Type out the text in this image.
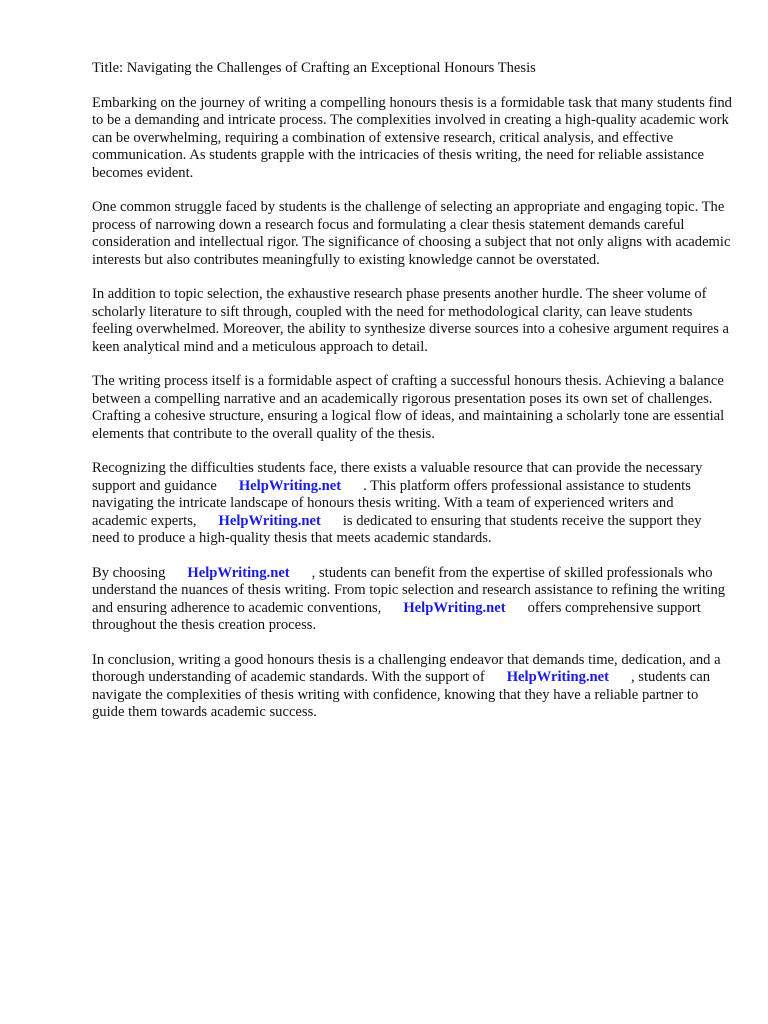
Title: Navigating the Challenges of Crafting an Exceptional Honours Thesis

Embarking on the journey of writing a compelling honours thesis is a formidable task that many students find to be a demanding and intricate process. The complexities involved in creating a high-quality academic work can be overwhelming, requiring a combination of extensive research, critical analysis, and effective communication. As students grapple with the intricacies of thesis writing, the need for reliable assistance becomes evident.

One common struggle faced by students is the challenge of selecting an appropriate and engaging topic. The process of narrowing down a research focus and formulating a clear thesis statement demands careful consideration and intellectual rigor. The significance of choosing a subject that not only aligns with academic interests but also contributes meaningfully to existing knowledge cannot be overstated.

In addition to topic selection, the exhaustive research phase presents another hurdle. The sheer volume of scholarly literature to sift through, coupled with the need for methodological clarity, can leave students feeling overwhelmed. Moreover, the ability to synthesize diverse sources into a cohesive argument requires a keen analytical mind and a meticulous approach to detail.

The writing process itself is a formidable aspect of crafting a successful honours thesis. Achieving a balance between a compelling narrative and an academically rigorous presentation poses its own set of challenges. Crafting a cohesive structure, ensuring a logical flow of ideas, and maintaining a scholarly tone are essential elements that contribute to the overall quality of the thesis.

Recognizing the difficulties students face, there exists a valuable resource that can provide the necessary support and guidance HelpWriting.net . This platform offers professional assistance to students navigating the intricate landscape of honours thesis writing. With a team of experienced writers and academic experts, HelpWriting.net is dedicated to ensuring that students receive the support they need to produce a high-quality thesis that meets academic standards.

By choosing HelpWriting.net , students can benefit from the expertise of skilled professionals who understand the nuances of thesis writing. From topic selection and research assistance to refining the writing and ensuring adherence to academic conventions, HelpWriting.net offers comprehensive support throughout the thesis creation process.

In conclusion, writing a good honours thesis is a challenging endeavor that demands time, dedication, and a thorough understanding of academic standards. With the support of HelpWriting.net , students can navigate the complexities of thesis writing with confidence, knowing that they have a reliable partner to guide them towards academic success.
